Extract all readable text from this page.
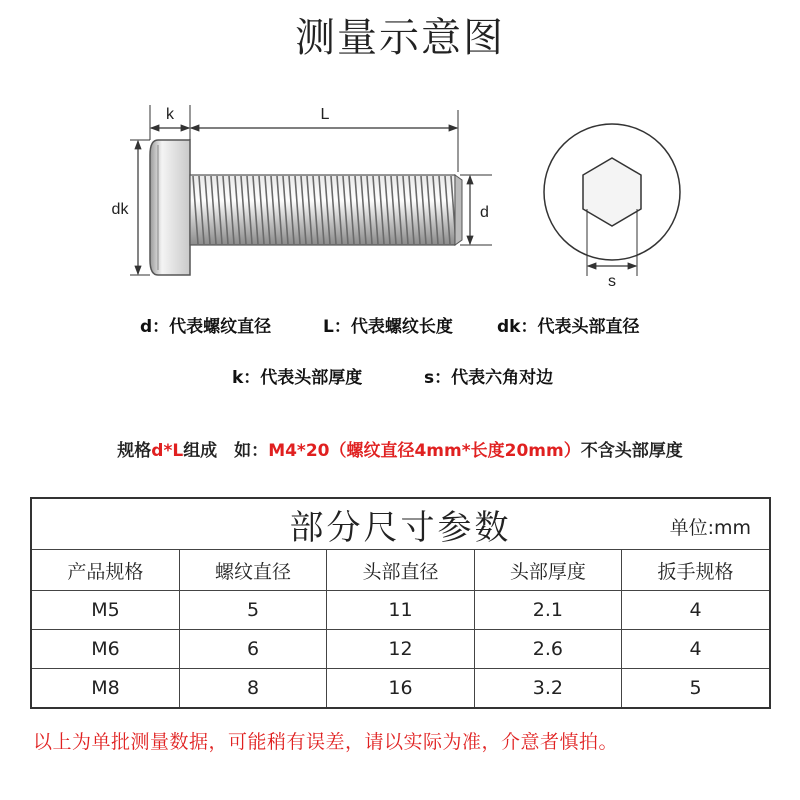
测量示意图
k	L
dk	d
s
d：代表螺纹直径	L：代表螺纹长度	dk：代表头部直径
k：代表头部厚度	s：代表六角对边
规格d*L组成　如：M4*20（螺纹直径4mm*长度20mm）不含头部厚度
部分尺寸参数 单位:mm				

产品规格	螺纹直径	头部直径	头部厚度	扳手规格
M5	5	11	2.1	4
M6	6	12	2.6	4
M8	8	16	3.2	5
以上为单批测量数据，可能稍有误差，请以实际为准，介意者慎拍。
